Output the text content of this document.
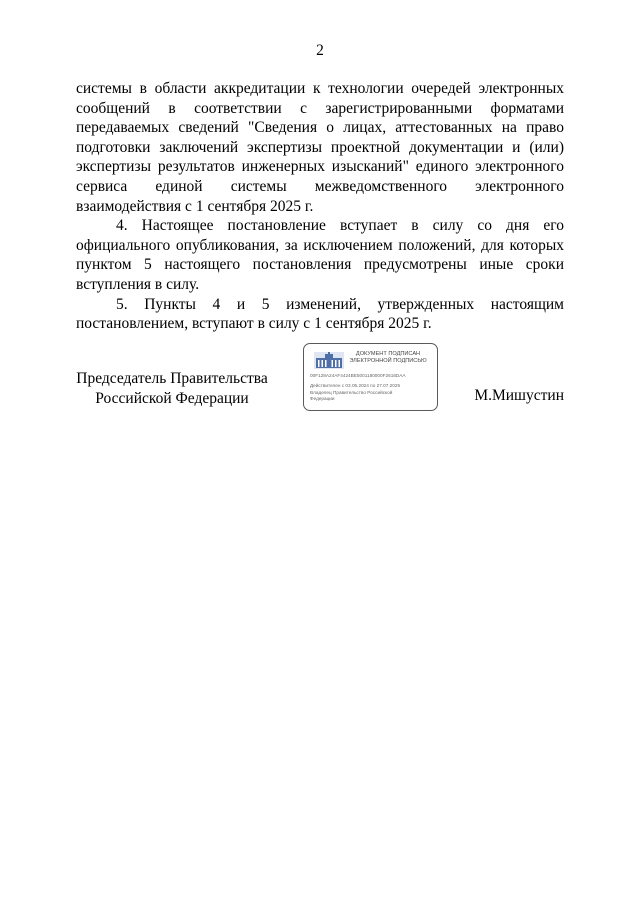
2

системы в области аккредитации к технологии очередей электронных сообщений в соответствии с зарегистрированными форматами передаваемых сведений "Сведения о лицах, аттестованных на право подготовки заключений экспертизы проектной документации и (или) экспертизы результатов инженерных изысканий" единого электронного сервиса единой системы межведомственного электронного взаимодействия с 1 сентября 2025 г.

4. Настоящее постановление вступает в силу со дня его официального опубликования, за исключением положений, для которых пунктом 5 настоящего постановления предусмотрены иные сроки вступления в силу.

5. Пункты 4 и 5 изменений, утвержденных настоящим постановлением, вступают в силу с 1 сентября 2025 г.

Председатель Правительства
Российской Федерации
ДОКУМЕНТ ПОДПИСАН
ЭЛЕКТРОННОЙ ПОДПИСЬЮ
00F128A24AF4424BE5001180000F2616DAA
Действителен с 03.05.2024 по 27.07.2025
Владелец Правительство Российской
Федерации	М.Мишустин
